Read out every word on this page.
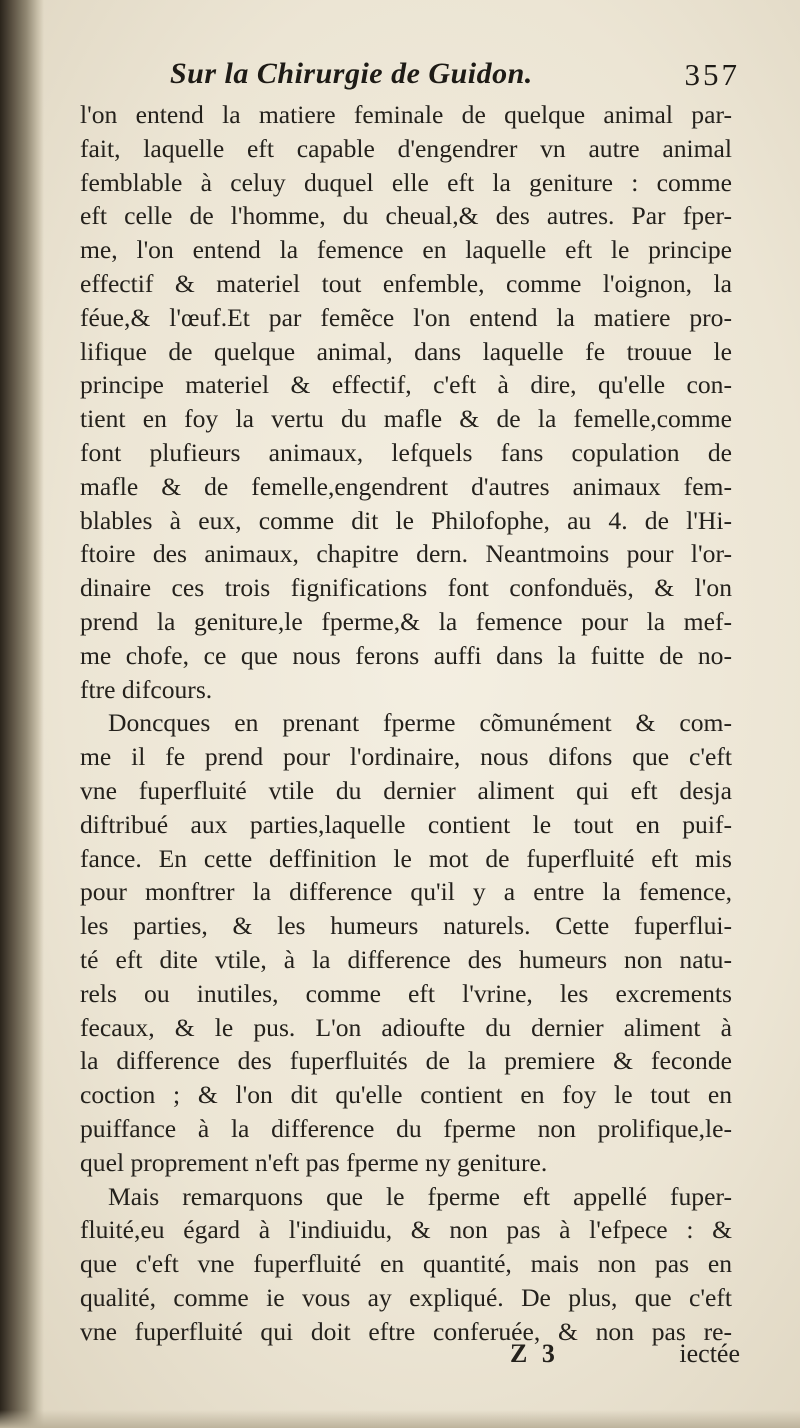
Sur la Chirurgie de Guidon.	357
l'on entend la matiere feminale de quelque animal par-
fait, laquelle eft capable d'engendrer vn autre animal
femblable à celuy duquel elle eft la geniture : comme
eft celle de l'homme, du cheual,& des autres. Par fper-
me, l'on entend la femence en laquelle eft le principe
effectif & materiel tout enfemble, comme l'oignon, la
féue,& l'œuf.Et par femẽce l'on entend la matiere pro-
lifique de quelque animal, dans laquelle fe trouue le
principe materiel & effectif, c'eft à dire, qu'elle con-
tient en foy la vertu du mafle & de la femelle,comme
font plufieurs animaux, lefquels fans copulation de
mafle & de femelle,engendrent d'autres animaux fem-
blables à eux, comme dit le Philofophe, au 4. de l'Hi-
ftoire des animaux, chapitre dern. Neantmoins pour l'or-
dinaire ces trois fignifications font confonduës, & l'on
prend la geniture,le fperme,& la femence pour la mef-
me chofe, ce que nous ferons auffi dans la fuitte de no-
ftre difcours.
Doncques en prenant fperme cõmunément & com-
me il fe prend pour l'ordinaire, nous difons que c'eft
vne fuperfluité vtile du dernier aliment qui eft desja
diftribué aux parties,laquelle contient le tout en puif-
fance. En cette deffinition le mot de fuperfluité eft mis
pour monftrer la difference qu'il y a entre la femence,
les parties, & les humeurs naturels. Cette fuperflui-
té eft dite vtile, à la difference des humeurs non natu-
rels ou inutiles, comme eft l'vrine, les excrements
fecaux, & le pus. L'on adioufte du dernier aliment à
la difference des fuperfluités de la premiere & feconde
coction ; & l'on dit qu'elle contient en foy le tout en
puiffance à la difference du fperme non prolifique,le-
quel proprement n'eft pas fperme ny geniture.
Mais remarquons que le fperme eft appellé fuper-
fluité,eu égard à l'indiuidu, & non pas à l'efpece : &
que c'eft vne fuperfluité en quantité, mais non pas en
qualité, comme ie vous ay expliqué. De plus, que c'eft
vne fuperfluité qui doit eftre conferuée, & non pas re-
Z 3	iectée
